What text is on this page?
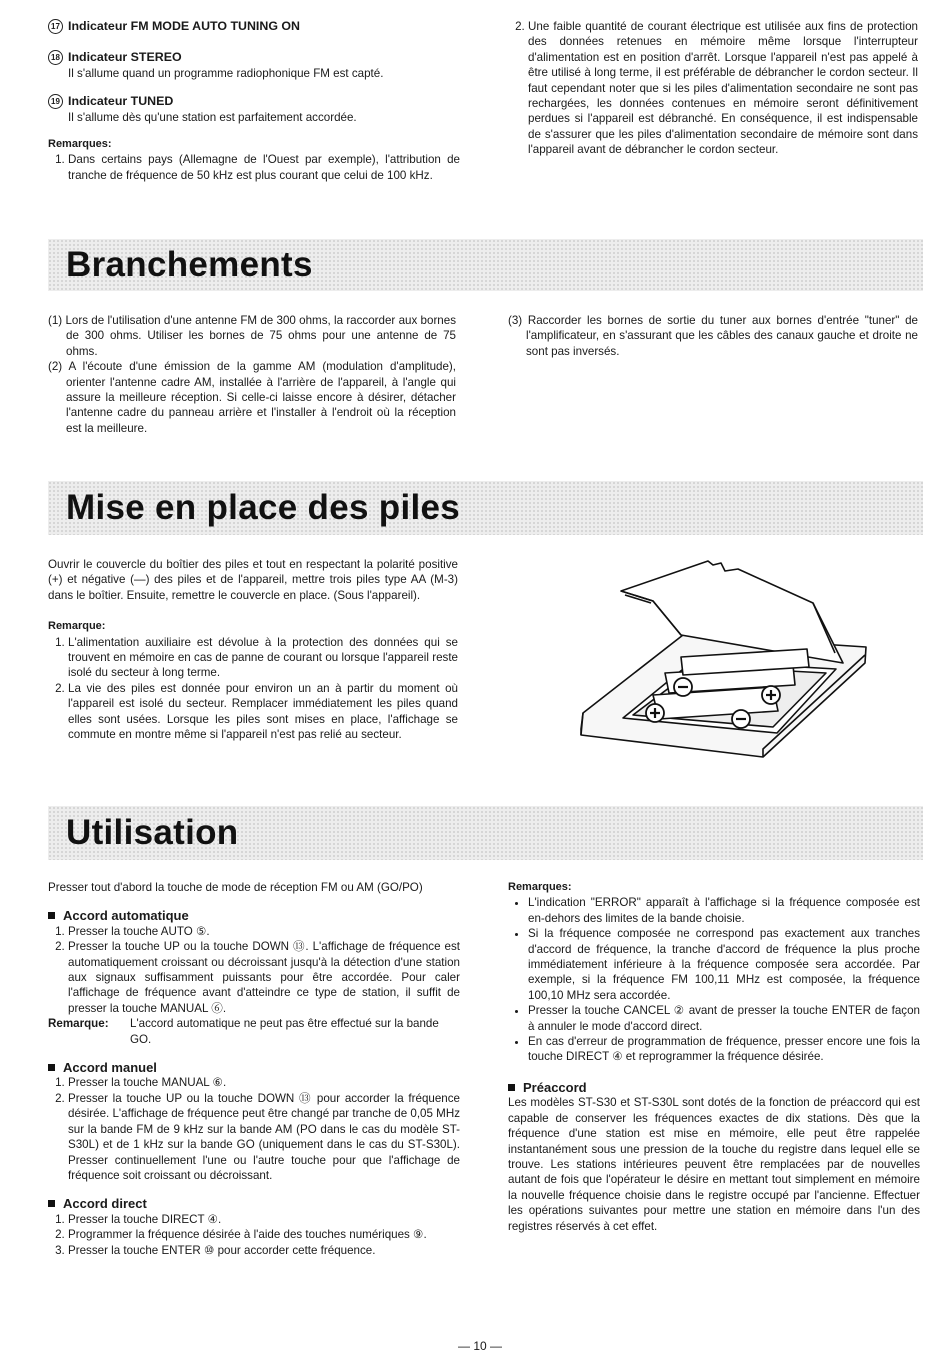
17 Indicateur FM MODE AUTO TUNING ON

18 Indicateur STEREO

Il s'allume quand un programme radiophonique FM est capté.

19 Indicateur TUNED

Il s'allume dès qu'une station est parfaitement accordée.

Remarques:

1. Dans certains pays (Allemagne de l'Ouest par exemple), l'attribution de tranche de fréquence de 50 kHz est plus courant que celui de 100 kHz.
2. Une faible quantité de courant électrique est utilisée aux fins de protection des données retenues en mémoire même lorsque l'interrupteur d'alimentation est en position d'arrêt. Lorsque l'appareil n'est pas appelé à être utilisé à long terme, il est préférable de débrancher le cordon secteur. Il faut cependant noter que si les piles d'alimentation secondaire ne sont pas rechargées, les données contenues en mémoire seront définitivement perdues si l'appareil est débranché. En conséquence, il est indispensable de s'assurer que les piles d'alimentation secondaire de mémoire sont dans l'appareil avant de débrancher le cordon secteur.
Branchements
(1) Lors de l'utilisation d'une antenne FM de 300 ohms, la raccorder aux bornes de 300 ohms. Utiliser les bornes de 75 ohms pour une antenne de 75 ohms.
(2) A l'écoute d'une émission de la gamme AM (modulation d'amplitude), orienter l'antenne cadre AM, installée à l'arrière de l'appareil, à l'angle qui assure la meilleure réception. Si celle-ci laisse encore à désirer, détacher l'antenne cadre du panneau arrière et l'installer à l'endroit où la réception est la meilleure.
(3) Raccorder les bornes de sortie du tuner aux bornes d'entrée "tuner" de l'amplificateur, en s'assurant que les câbles des canaux gauche et droite ne sont pas inversés.
Mise en place des piles

Ouvrir le couvercle du boîtier des piles et tout en respectant la polarité positive (+) et négative (—) des piles et de l'appareil, mettre trois piles type AA (M-3) dans le boîtier. Ensuite, remettre le couvercle en place. (Sous l'appareil).

Remarque:

1. L'alimentation auxiliaire est dévolue à la protection des données qui se trouvent en mémoire en cas de panne de courant ou lorsque l'appareil reste isolé du secteur à long terme.
2. La vie des piles est donnée pour environ un an à partir du moment où l'appareil est isolé du secteur. Remplacer immédiatement les piles quand elles sont usées. Lorsque les piles sont mises en place, l'affichage se commute en montre même si l'appareil n'est pas relié au secteur.
Utilisation

Presser tout d'abord la touche de mode de réception FM ou AM (GO/PO)

Accord automatique

1. Presser la touche AUTO ⑤.
2. Presser la touche UP ou la touche DOWN ⑬. L'affichage de fréquence est automatiquement croissant ou décroissant jusqu'à la détection d'une station aux signaux suffisamment puissants pour être accordée. Pour caler l'affichage de fréquence avant d'atteindre ce type de station, il suffit de presser la touche MANUAL ⑥.
Remarque:	L'accord automatique ne peut pas être effectué sur la bande GO.

Accord manuel

1. Presser la touche MANUAL ⑥.
2. Presser la touche UP ou la touche DOWN ⑬ pour accorder la fréquence désirée. L'affichage de fréquence peut être changé par tranche de 0,05 MHz sur la bande FM de 9 kHz sur la bande AM (PO dans le cas du modèle ST-S30L) et de 1 kHz sur la bande GO (uniquement dans le cas du ST-S30L). Presser continuellement l'une ou l'autre touche pour que l'affichage de fréquence soit croissant ou décroissant.

Accord direct

1. Presser la touche DIRECT ④.
2. Programmer la fréquence désirée à l'aide des touches numériques ⑨.
3. Presser la touche ENTER ⑩ pour accorder cette fréquence.

Remarques:

• L'indication "ERROR" apparaît à l'affichage si la fréquence composée est en-dehors des limites de la bande choisie.
• Si la fréquence composée ne correspond pas exactement aux tranches d'accord de fréquence, la tranche d'accord de fréquence la plus proche immédiatement inférieure à la fréquence composée sera accordée. Par exemple, si la fréquence FM 100,11 MHz est composée, la fréquence 100,10 MHz sera accordée.
• Presser la touche CANCEL ② avant de presser la touche ENTER de façon à annuler le mode d'accord direct.
• En cas d'erreur de programmation de fréquence, presser encore une fois la touche DIRECT ④ et reprogrammer la fréquence désirée.

Préaccord

Les modèles ST-S30 et ST-S30L sont dotés de la fonction de préaccord qui est capable de conserver les fréquences exactes de dix stations. Dès que la fréquence d'une station est mise en mémoire, elle peut être rappelée instantanément sous une pression de la touche du registre dans lequel elle se trouve. Les stations intérieures peuvent être remplacées par de nouvelles autant de fois que l'opérateur le désire en mettant tout simplement en mémoire la nouvelle fréquence choisie dans le registre occupé par l'ancienne. Effectuer les opérations suivantes pour mettre une station en mémoire dans l'un des registres réservés à cet effet.

— 10 —
